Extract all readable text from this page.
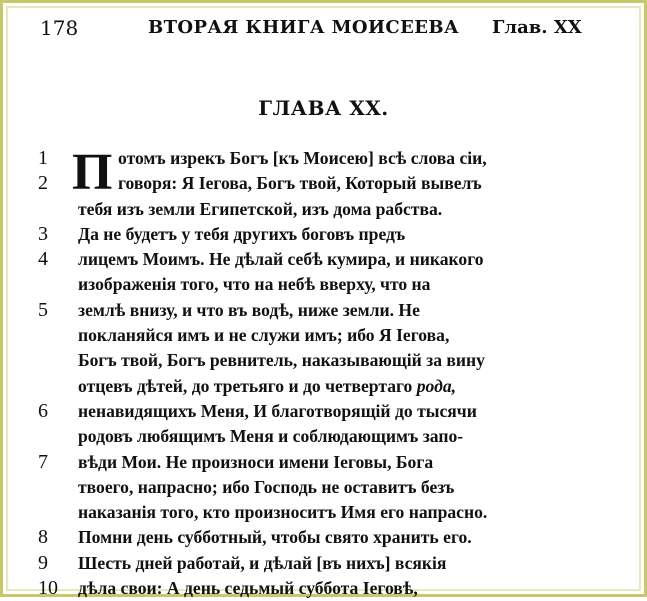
178	ВТОРАЯ КНИГА МОИСЕЕВА Глав. XX
ГЛАВА XX.
П
1	отомъ изрекъ Богъ [къ Моисею] всѣ слова сіи,
2	говоря: Я Іегова, Богъ твой, Который вывелъ
тебя изъ земли Египетской, изъ дома рабства.
3	Да не будетъ у тебя другихъ боговъ предъ
4	лицемъ Моимъ. Не дѣлай себѣ кумира, и никакого
изображенія того, что на небѣ вверху, что на
5	землѣ внизу, и что въ водѣ, ниже земли. Не
покланяйся имъ и не служи имъ; ибо Я Іегова,
Богъ твой, Богъ ревнитель, наказывающій за вину
отцевъ дѣтей, до третьяго и до четвертаго рода,
6	ненавидящихъ Меня, И благотворящій до тысячи
родовъ любящимъ Меня и соблюдающимъ запо-
7	вѣди Мои. Не произноси имени Іеговы, Бога
твоего, напрасно; ибо Господь не оставитъ безъ
наказанія того, кто произноситъ Имя его напрасно.
8	Помни день субботный, чтобы свято хранить его.
9	Шесть дней работай, и дѣлай [въ нихъ] всякія
10	дѣла свои: А день седьмый суббота Іеговѣ,
